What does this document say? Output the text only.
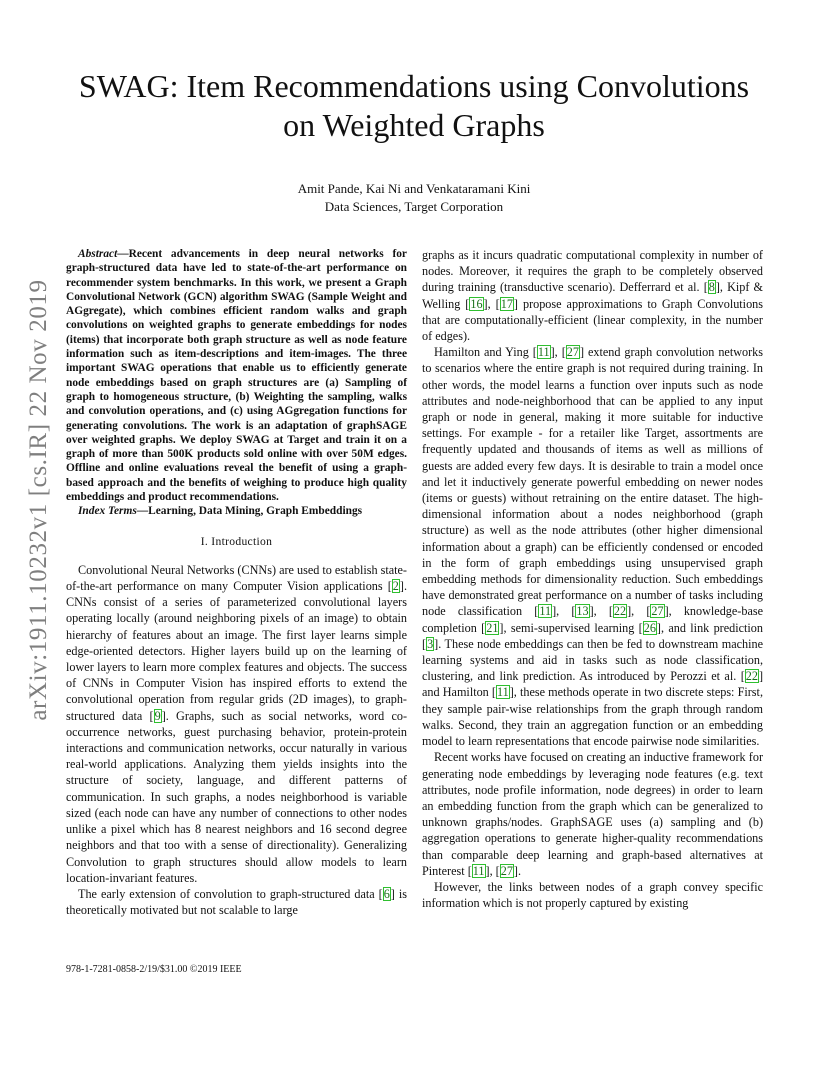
arXiv:1911.10232v1 [cs.IR] 22 Nov 2019
SWAG: Item Recommendations using Convolutions on Weighted Graphs
Amit Pande, Kai Ni and Venkataramani Kini
Data Sciences, Target Corporation

Abstract—Recent advancements in deep neural networks for graph-structured data have led to state-of-the-art performance on recommender system benchmarks. In this work, we present a Graph Convolutional Network (GCN) algorithm SWAG (Sample Weight and AGgregate), which combines efficient random walks and graph convolutions on weighted graphs to generate embeddings for nodes (items) that incorporate both graph structure as well as node feature information such as item-descriptions and item-images. The three important SWAG operations that enable us to efficiently generate node embeddings based on graph structures are (a) Sampling of graph to homogeneous structure, (b) Weighting the sampling, walks and convolution operations, and (c) using AGgregation functions for generating convolutions. The work is an adaptation of graphSAGE over weighted graphs. We deploy SWAG at Target and train it on a graph of more than 500K products sold online with over 50M edges. Offline and online evaluations reveal the benefit of using a graph-based approach and the benefits of weighing to produce high quality embeddings and product recommendations.

Index Terms—Learning, Data Mining, Graph Embeddings

I. Introduction

Convolutional Neural Networks (CNNs) are used to establish state-of-the-art performance on many Computer Vision applications [2]. CNNs consist of a series of parameterized convolutional layers operating locally (around neighboring pixels of an image) to obtain hierarchy of features about an image. The first layer learns simple edge-oriented detectors. Higher layers build up on the learning of lower layers to learn more complex features and objects. The success of CNNs in Computer Vision has inspired efforts to extend the convolutional operation from regular grids (2D images), to graph-structured data [9]. Graphs, such as social networks, word co-occurrence networks, guest purchasing behavior, protein-protein interactions and communication networks, occur naturally in various real-world applications. Analyzing them yields insights into the structure of society, language, and different patterns of communication. In such graphs, a nodes neighborhood is variable sized (each node can have any number of connections to other nodes unlike a pixel which has 8 nearest neighbors and 16 second degree neighbors and that too with a sense of directionality). Generalizing Convolution to graph structures should allow models to learn location-invariant features.

The early extension of convolution to graph-structured data [6] is theoretically motivated but not scalable to large

graphs as it incurs quadratic computational complexity in number of nodes. Moreover, it requires the graph to be completely observed during training (transductive scenario). Defferrard et al. [8], Kipf & Welling [16], [17] propose approximations to Graph Convolutions that are computationally-efficient (linear complexity, in the number of edges).

Hamilton and Ying [11], [27] extend graph convolution networks to scenarios where the entire graph is not required during training. In other words, the model learns a function over inputs such as node attributes and node-neighborhood that can be applied to any input graph or node in general, making it more suitable for inductive settings. For example - for a retailer like Target, assortments are frequently updated and thousands of items as well as millions of guests are added every few days. It is desirable to train a model once and let it inductively generate powerful embedding on newer nodes (items or guests) without retraining on the entire dataset. The high-dimensional information about a nodes neighborhood (graph structure) as well as the node attributes (other higher dimensional information about a graph) can be efficiently condensed or encoded in the form of graph embeddings using unsupervised graph embedding methods for dimensionality reduction. Such embeddings have demonstrated great performance on a number of tasks including node classification [11], [13], [22], [27], knowledge-base completion [21], semi-supervised learning [26], and link prediction [3]. These node embeddings can then be fed to downstream machine learning systems and aid in tasks such as node classification, clustering, and link prediction. As introduced by Perozzi et al. [22] and Hamilton [11], these methods operate in two discrete steps: First, they sample pair-wise relationships from the graph through random walks. Second, they train an aggregation function or an embedding model to learn representations that encode pairwise node similarities.

Recent works have focused on creating an inductive framework for generating node embeddings by leveraging node features (e.g. text attributes, node profile information, node degrees) in order to learn an embedding function from the graph which can be generalized to unknown graphs/nodes. GraphSAGE uses (a) sampling and (b) aggregation operations to generate higher-quality recommendations than comparable deep learning and graph-based alternatives at Pinterest [11], [27].

However, the links between nodes of a graph convey specific information which is not properly captured by existing

978-1-7281-0858-2/19/$31.00 ©2019 IEEE
